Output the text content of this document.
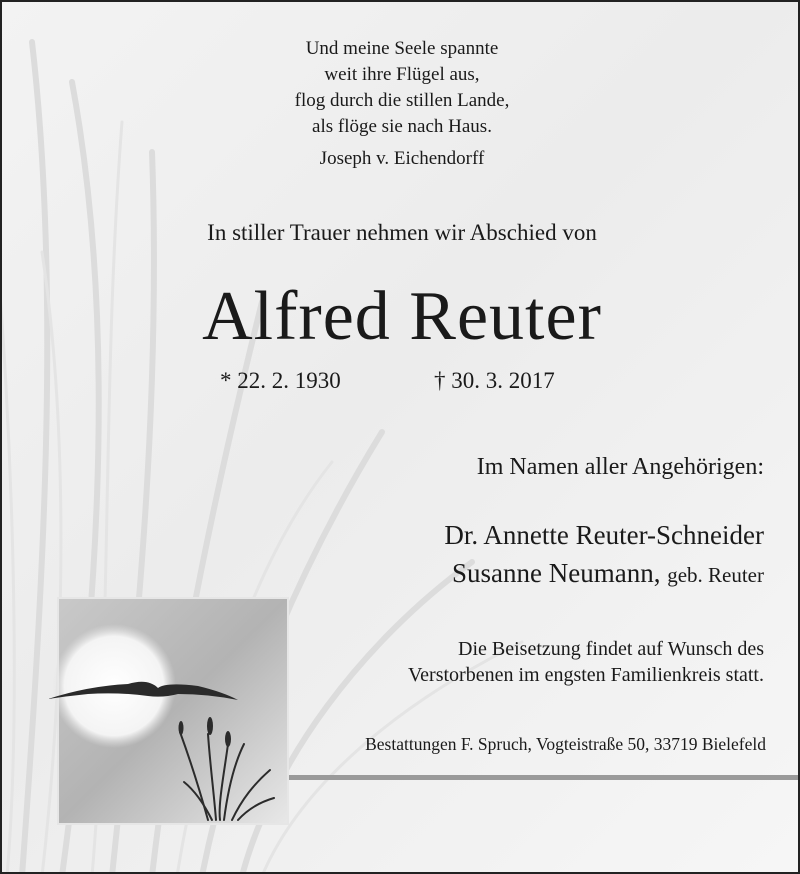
Und meine Seele spannte
weit ihre Flügel aus,
flog durch die stillen Lande,
als flöge sie nach Haus.
Joseph v. Eichendorff
In stiller Trauer nehmen wir Abschied von
Alfred Reuter
* 22. 2. 1930	† 30. 3. 2017
Im Namen aller Angehörigen:
Dr. Annette Reuter-Schneider
Susanne Neumann, geb. Reuter
Die Beisetzung findet auf Wunsch des
Verstorbenen im engsten Familienkreis statt.
Bestattungen F. Spruch, Vogteistraße 50, 33719 Bielefeld
